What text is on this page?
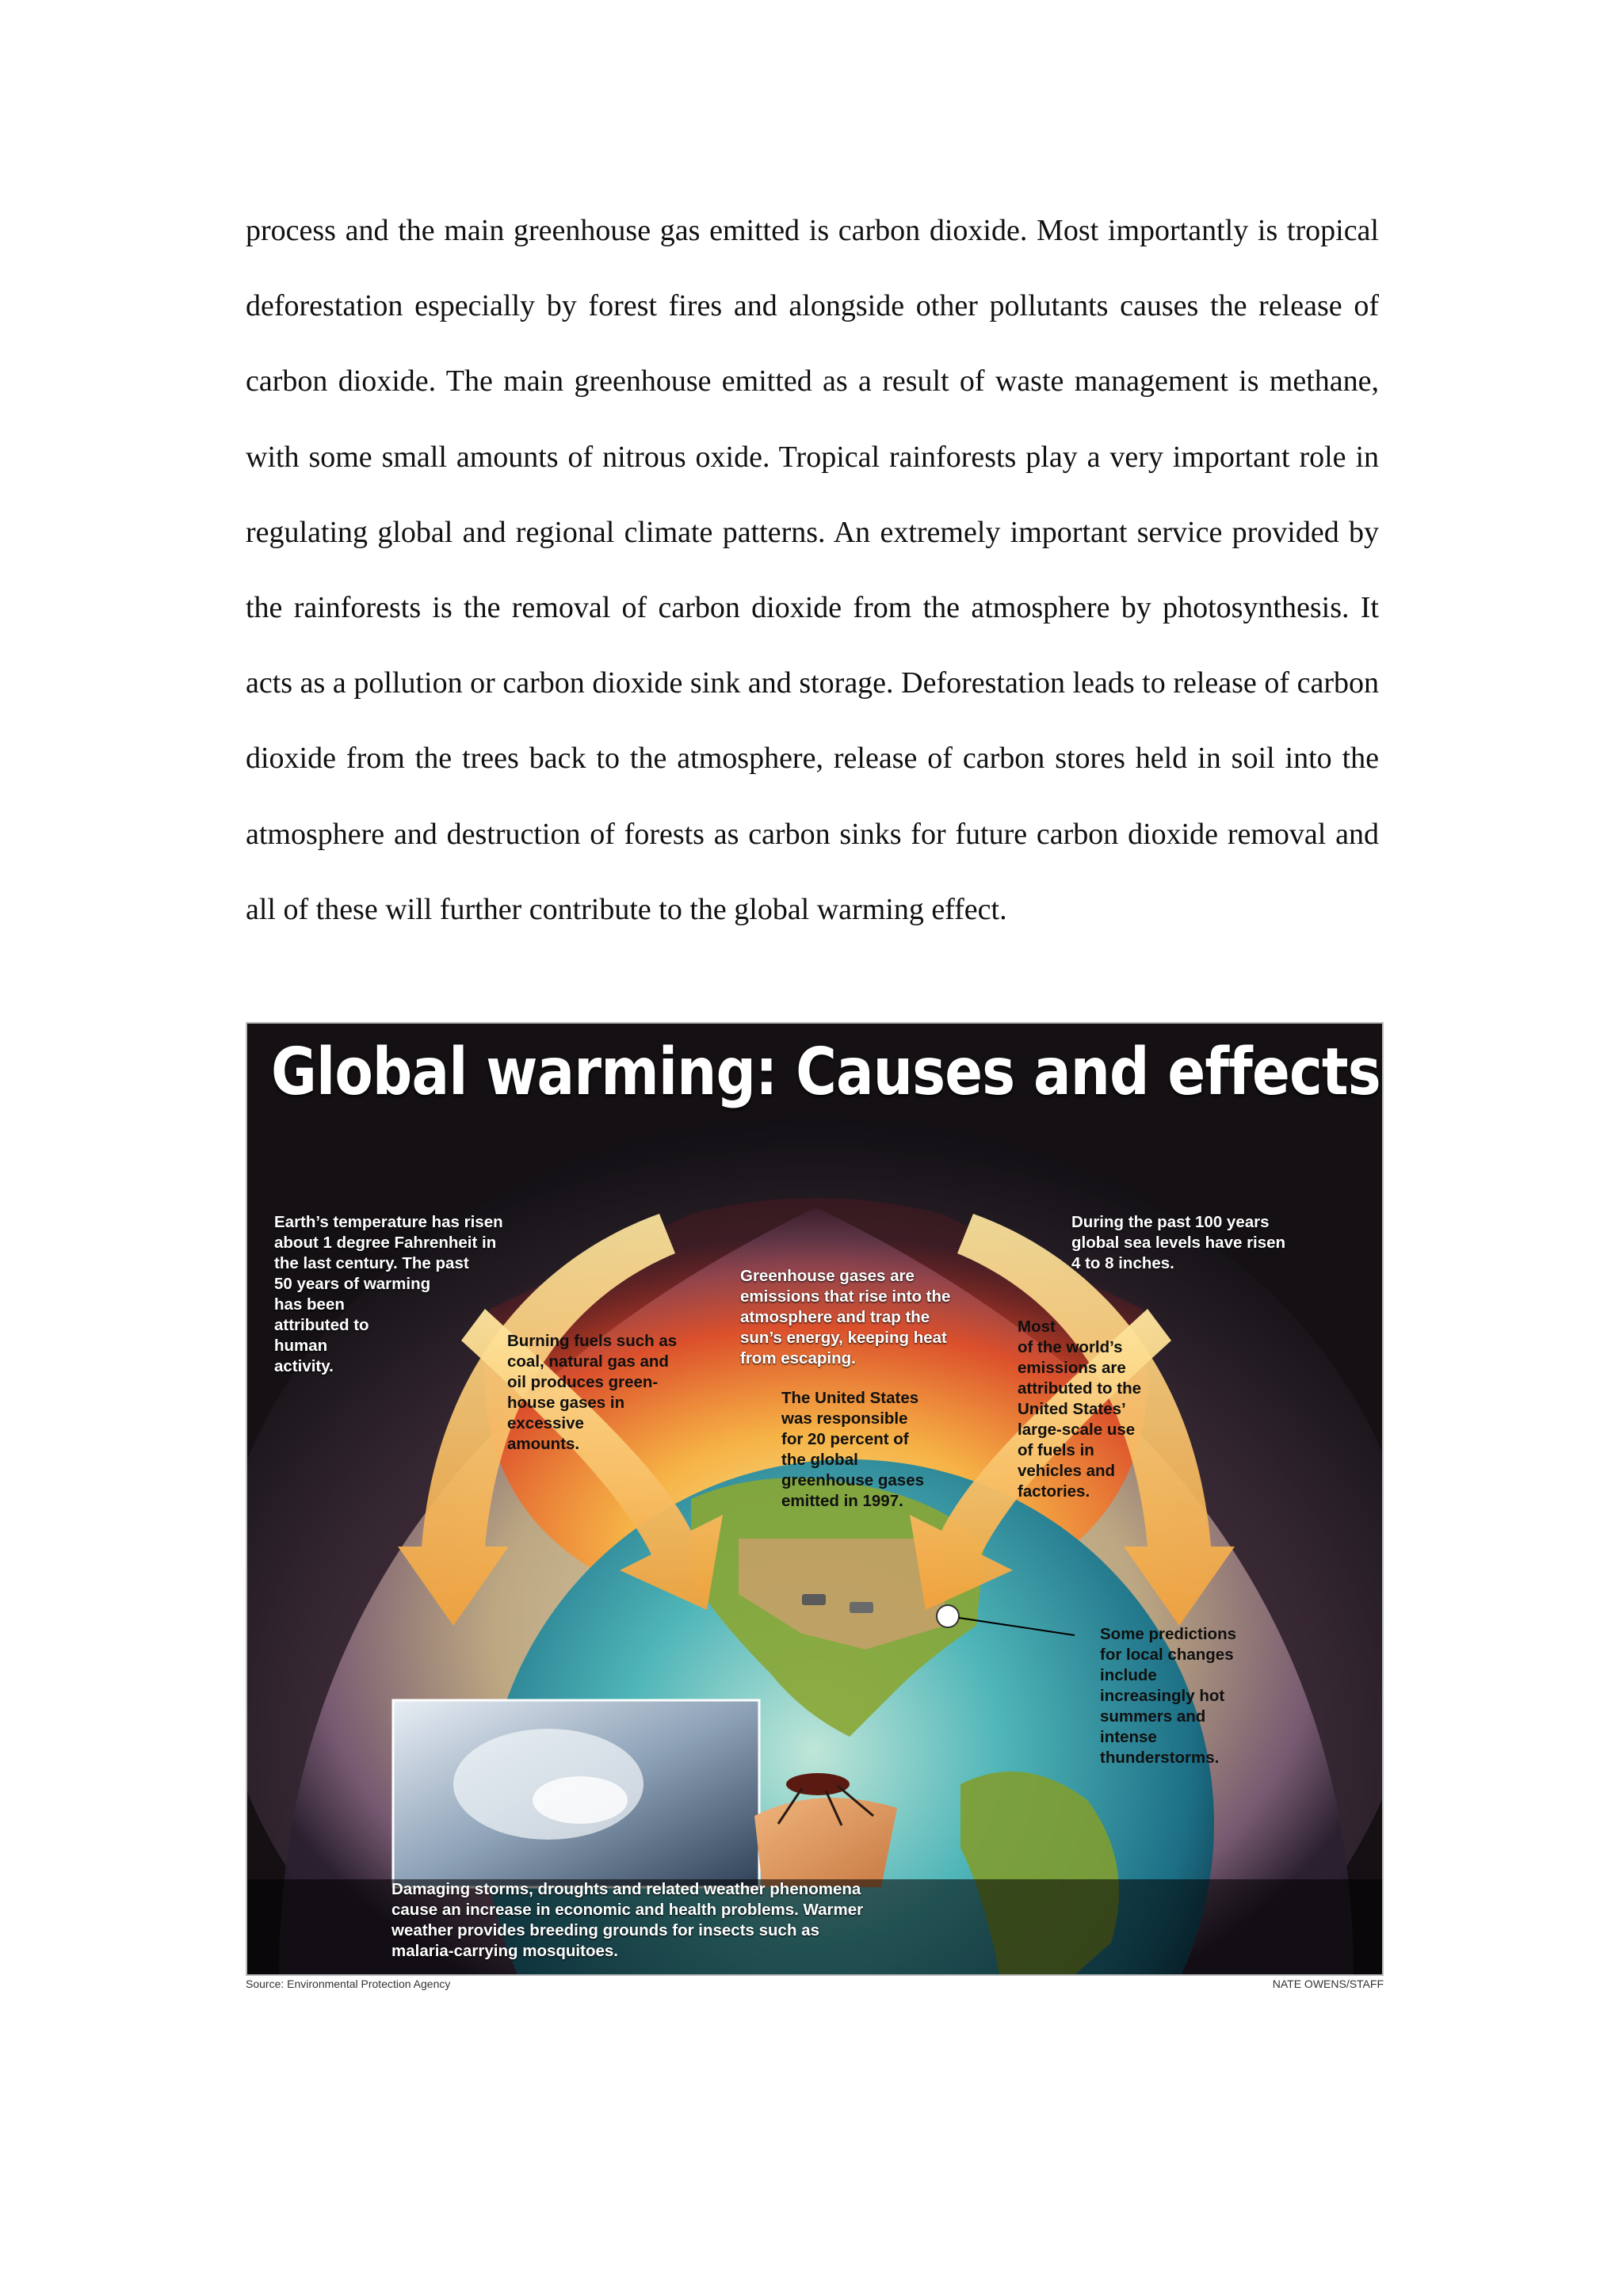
process and the main greenhouse gas emitted is carbon dioxide. Most importantly is tropical deforestation especially by forest fires and alongside other pollutants causes the release of carbon dioxide. The main greenhouse emitted as a result of waste management is methane, with some small amounts of nitrous oxide. Tropical rainforests play a very important role in regulating global and regional climate patterns. An extremely important service provided by the rainforests is the removal of carbon dioxide from the atmosphere by photosynthesis. It acts as a pollution or carbon dioxide sink and storage. Deforestation leads to release of carbon dioxide from the trees back to the atmosphere, release of carbon stores held in soil into the atmosphere and destruction of forests as carbon sinks for future carbon dioxide removal and all of these will further contribute to the global warming effect.

Global warming: Causes and effects
Earth’s temperature has risen
about 1 degree Fahrenheit in
the last century. The past
50 years of warming
has been
attributed to
human
activity.
During the past 100 years
global sea levels have risen
4 to 8 inches.
Greenhouse gases are
emissions that rise into the
atmosphere and trap the
sun’s energy, keeping heat
from escaping.
Burning fuels such as
coal, natural gas and
oil produces green-
house gases in
excessive
amounts.
The United States
was responsible
for 20 percent of
the global
greenhouse gases
emitted in 1997.
Most
of the world’s
emissions are
attributed to the
United States’
large-scale use
of fuels in
vehicles and
factories.
Some predictions
for local changes
include
increasingly hot
summers and
intense
thunderstorms.
Damaging storms, droughts and related weather phenomena
cause an increase in economic and health problems. Warmer
weather provides breeding grounds for insects such as
malaria-carrying mosquitoes.
Source: Environmental Protection Agency	NATE OWENS/STAFF
